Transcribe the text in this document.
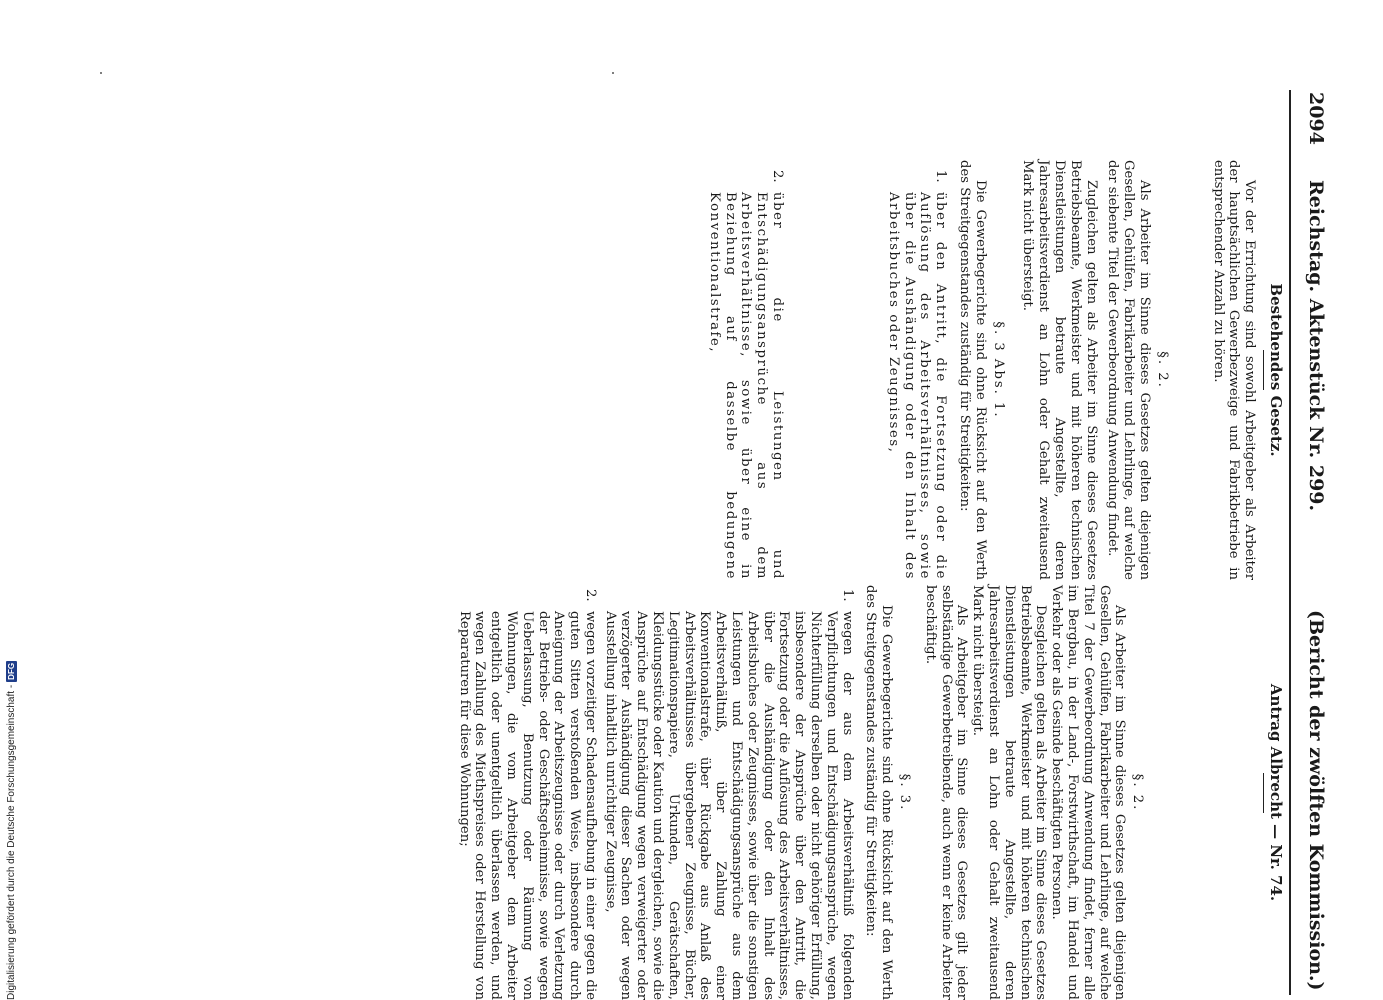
2094
Reichstag. Aktenstück Nr. 299.
(Bericht der zwölften Kommission.)
Bestehendes Gesetz.

Vor der Errichtung sind sowohl Arbeitgeber als Arbeiter der hauptsächlichen Gewerbezweige und Fabrikbetriebe in entsprechender Anzahl zu hören.

§. 2.

Als Arbeiter im Sinne dieses Gesetzes gelten diejenigen Gesellen, Gehülfen, Fabrikarbeiter und Lehrlinge, auf welche der siebente Titel der Gewerbeordnung Anwendung findet.

Zugleichen gelten als Arbeiter im Sinne dieses Gesetzes Betriebsbeamte, Werkmeister und mit höheren technischen Dienstleistungen betraute Angestellte, deren Jahresarbeitsverdienst an Lohn oder Gehalt zweitausend Mark nicht übersteigt.

§. 3 Abs. 1.

Die Gewerbegerichte sind ohne Rücksicht auf den Werth des Streitgegenstandes zuständig für Streitigkeiten:

1.
über den Antritt, die Fortsetzung oder die Auflösung des Arbeitsverhältnisses, sowie über die Aushändigung oder den Inhalt des Arbeitsbuches oder Zeugnisses,
2.
über die Leistungen und Entschädigungsansprüche aus dem Arbeitsverhältnisse, sowie über eine in Beziehung auf dasselbe bedungene Konventionalstrafe,
Antrag Albrecht — Nr. 74.
§. 2.

Als Arbeiter im Sinne dieses Gesetzes gelten diejenigen Gesellen, Gehülfen, Fabrikarbeiter und Lehrlinge, auf welche Titel 7 der Gewerbeordnung Anwendung findet, ferner alle im Bergbau, in der Land-, Forstwirthschaft, im Handel und Verkehr oder als Gesinde beschäftigten Personen.

Desgleichen gelten als Arbeiter im Sinne dieses Gesetzes Betriebsbeamte, Werkmeister und mit höheren technischen Dienstleistungen betraute Angestellte, deren Jahresarbeitsverdienst an Lohn oder Gehalt zweitausend Mark nicht übersteigt.

Als Arbeitgeber im Sinne dieses Gesetzes gilt jeder selbständige Gewerbetreibende, auch wenn er keine Arbeiter beschäftigt.

§. 3.

Die Gewerbegerichte sind ohne Rücksicht auf den Werth des Streitgegenstandes zuständig für Streitigkeiten:

1.
wegen der aus dem Arbeitsverhältniß folgenden Verpflichtungen und Entschädigungsansprüche, wegen Nichterfüllung derselben oder nicht gehöriger Erfüllung, insbesondere der Ansprüche über den Antritt, die Fortsetzung oder die Auflösung des Arbeitsverhältnisses, über die Aushändigung oder den Inhalt des Arbeitsbuches oder Zeugnisses, sowie über die sonstigen Leistungen und Entschädigungsansprüche aus dem Arbeitsverhältniß, über Zahlung einer Konventionalstrafe, über Rückgabe aus Anlaß des Arbeitsverhältnisses übergebener Zeugnisse, Bücher, Legitimationspapiere, Urkunden, Gerätschaften, Kleidungsstücke oder Kaution und dergleichen, sowie die Ansprüche auf Entschädigung wegen verweigerter oder verzögerter Aushändigung dieser Sachen oder wegen Ausstellung inhaltlich unrichtiger Zeugnisse,
2.
wegen vorzeitiger Schadensaufhebung in einer gegen die guten Sitten verstoßenden Weise, insbesondere durch Aneignung der Arbeitszeugnisse oder durch Verletzung der Betriebs- oder Geschäftsgeheimnisse, sowie wegen Ueberlassung, Benutzung oder Räumung von Wohnungen, die vom Arbeitgeber dem Arbeiter entgeltlich oder unentgeltlich überlassen werden, und wegen Zahlung des Miethspreises oder Herstellung von Reparaturen für diese Wohnungen;
Digitalisierung gefördert durch die Deutsche Forschungsgemeinschaft -DFG
